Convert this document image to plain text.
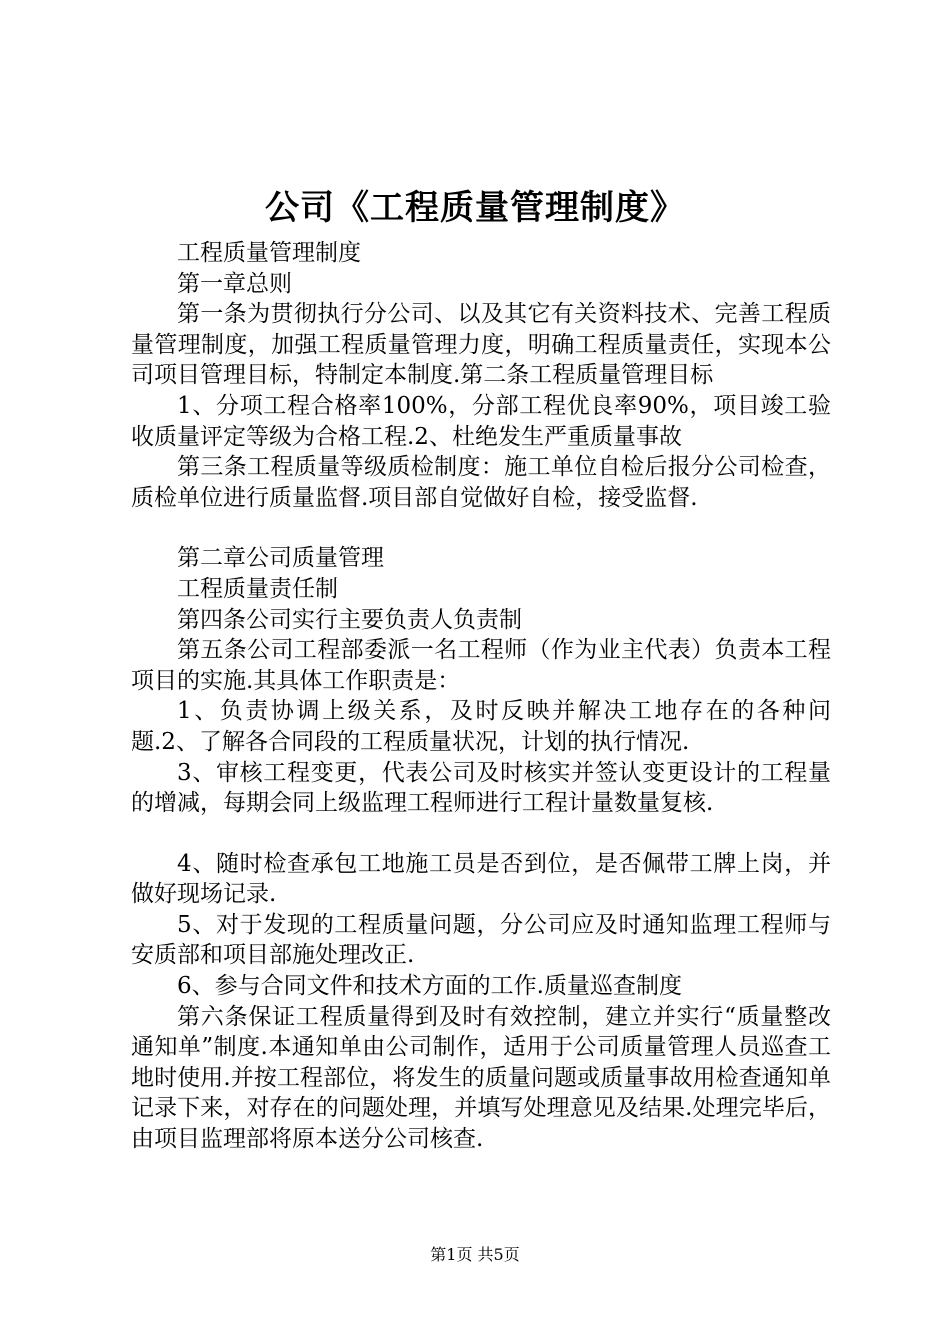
公司《工程质量管理制度》

工程质量管理制度

第一章总则

第一条为贯彻执行分公司、以及其它有关资料技术、完善工程质量管理制度，加强工程质量管理力度，明确工程质量责任，实现本公司项目管理目标，特制定本制度.第二条工程质量管理目标

1、分项工程合格率100%，分部工程优良率90%，项目竣工验收质量评定等级为合格工程.2、杜绝发生严重质量事故

第三条工程质量等级质检制度：施工单位自检后报分公司检查，质检单位进行质量监督.项目部自觉做好自检，接受监督.

第二章公司质量管理

工程质量责任制

第四条公司实行主要负责人负责制

第五条公司工程部委派一名工程师（作为业主代表）负责本工程项目的实施.其具体工作职责是：

1、负责协调上级关系，及时反映并解决工地存在的各种问题.2、了解各合同段的工程质量状况，计划的执行情况.

3、审核工程变更，代表公司及时核实并签认变更设计的工程量的增减，每期会同上级监理工程师进行工程计量数量复核.

4、随时检查承包工地施工员是否到位，是否佩带工牌上岗，并做好现场记录.

5、对于发现的工程质量问题，分公司应及时通知监理工程师与安质部和项目部施处理改正.

6、参与合同文件和技术方面的工作.质量巡查制度

第六条保证工程质量得到及时有效控制，建立并实行“质量整改通知单”制度.本通知单由公司制作，适用于公司质量管理人员巡查工地时使用.并按工程部位，将发生的质量问题或质量事故用检查通知单记录下来，对存在的问题处理，并填写处理意见及结果.处理完毕后，由项目监理部将原本送分公司核查.

第1页 共5页
